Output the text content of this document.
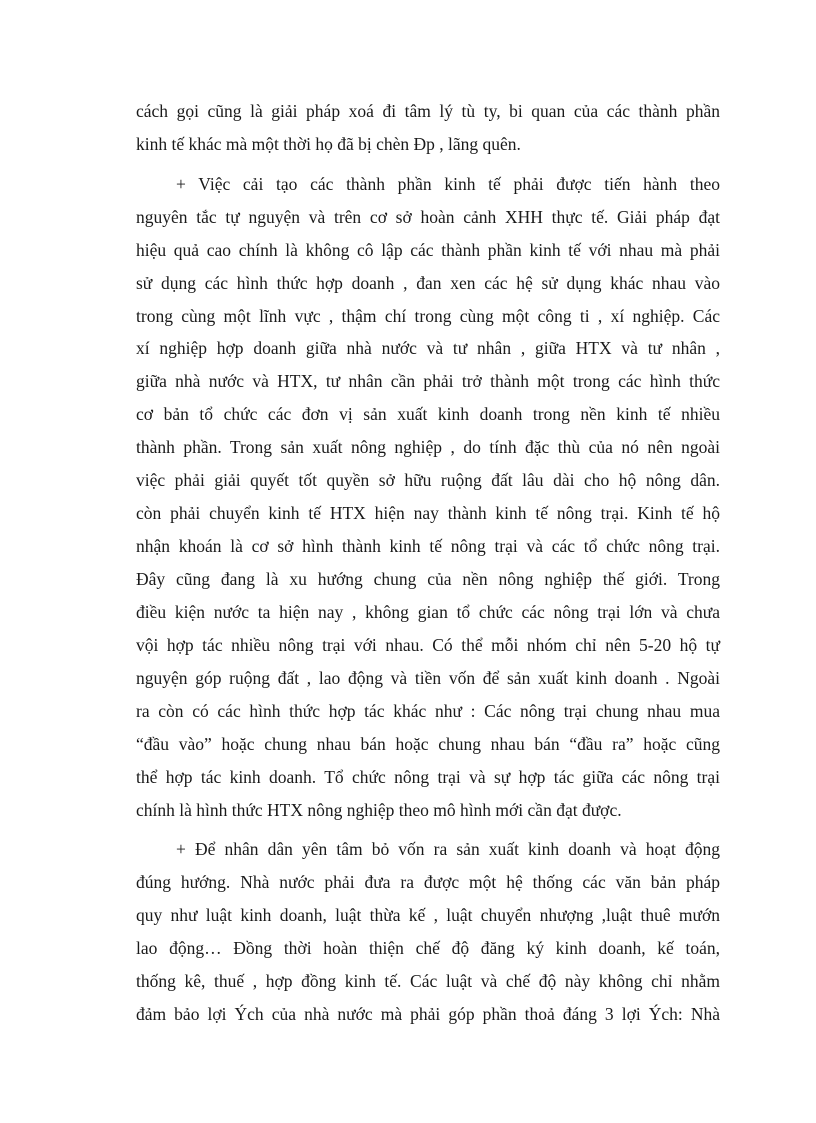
cách gọi cũng là giải pháp xoá đi tâm lý tù ty, bi quan của các thành phần
kinh tế khác mà một thời họ đã bị chèn Ðp , lãng quên.
+ Việc cải tạo các thành phần kinh tế phải được tiến hành theo
nguyên tắc tự nguyện và trên cơ sở hoàn cảnh XHH thực tế. Giải pháp đạt
hiệu quả cao chính là không cô lập các thành phần kinh tế với nhau mà phải
sử dụng các hình thức hợp doanh , đan xen các hệ sử dụng khác nhau vào
trong cùng một lĩnh vực , thậm chí trong cùng một công ti , xí nghiệp. Các
xí nghiệp hợp doanh giữa nhà nước và tư nhân , giữa HTX và tư nhân ,
giữa nhà nước và HTX, tư nhân cần phải trở thành một trong các hình thức
cơ bản tổ chức các đơn vị sản xuất kinh doanh trong nền kinh tế nhiều
thành phần. Trong sản xuất nông nghiệp , do tính đặc thù của nó nên ngoài
việc phải giải quyết tốt quyền sở hữu ruộng đất lâu dài cho hộ nông dân.
còn phải chuyển kinh tế HTX hiện nay thành kinh tế nông trại. Kinh tế hộ
nhận khoán là cơ sở hình thành kinh tế nông trại và các tổ chức nông trại.
Đây cũng đang là xu hướng chung của nền nông nghiệp thế giới. Trong
điều kiện nước ta hiện nay , không gian tổ chức các nông trại lớn và chưa
vội hợp tác nhiều nông trại với nhau. Có thể mỗi nhóm chỉ nên 5-20 hộ tự
nguyện góp ruộng đất , lao động và tiền vốn để sản xuất kinh doanh . Ngoài
ra còn có các hình thức hợp tác khác như : Các nông trại chung nhau mua
“đầu vào” hoặc chung nhau bán hoặc chung nhau bán “đầu ra” hoặc cũng
thể hợp tác kinh doanh. Tổ chức nông trại và sự hợp tác giữa các nông trại
chính là hình thức HTX nông nghiệp theo mô hình mới cần đạt được.
+ Để nhân dân yên tâm bỏ vốn ra sản xuất kinh doanh và hoạt động
đúng hướng. Nhà nước phải đưa ra được một hệ thống các văn bản pháp
quy như luật kinh doanh, luật thừa kế , luật chuyển nhượng ,luật thuê mướn
lao động… Đồng thời hoàn thiện chế độ đăng ký kinh doanh, kế toán,
thống kê, thuế , hợp đồng kinh tế. Các luật và chế độ này không chỉ nhằm
đảm bảo lợi Ých của nhà nước mà phải góp phần thoả đáng 3 lợi Ých: Nhà
